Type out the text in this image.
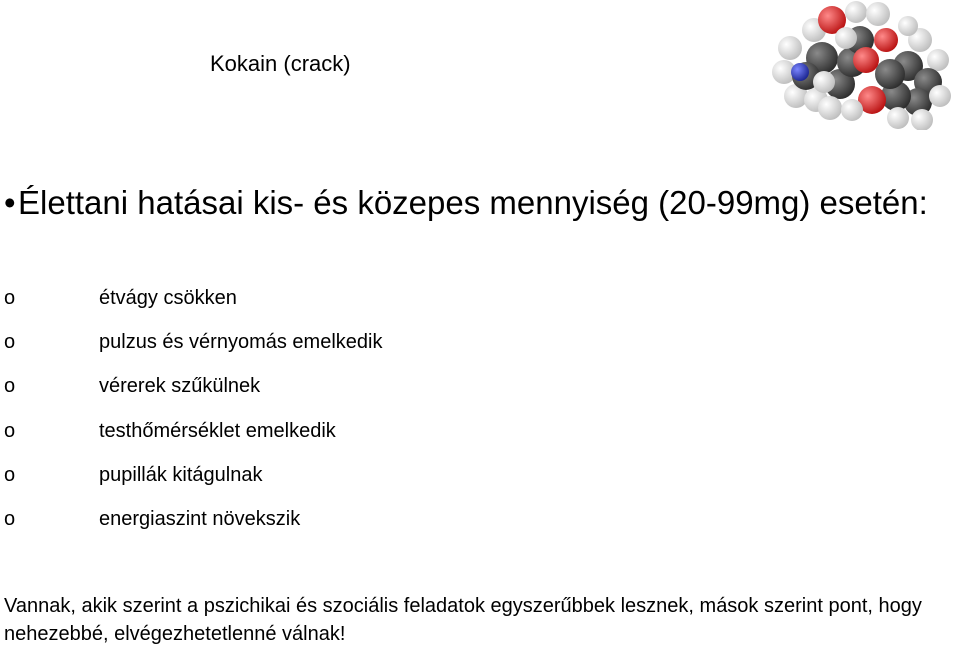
Kokain (crack)
•Élettani hatásai kis- és közepes mennyiség (20-99mg) esetén:
o	étvágy csökken
o	pulzus és vérnyomás emelkedik
o	vérerek szűkülnek
o	testhőmérséklet emelkedik
o	pupillák kitágulnak
o	energiaszint növekszik
Vannak, akik szerint a pszichikai és szociális feladatok egyszerűbbek lesznek, mások szerint pont, hogy nehezebbé, elvégezhetetlenné válnak!
